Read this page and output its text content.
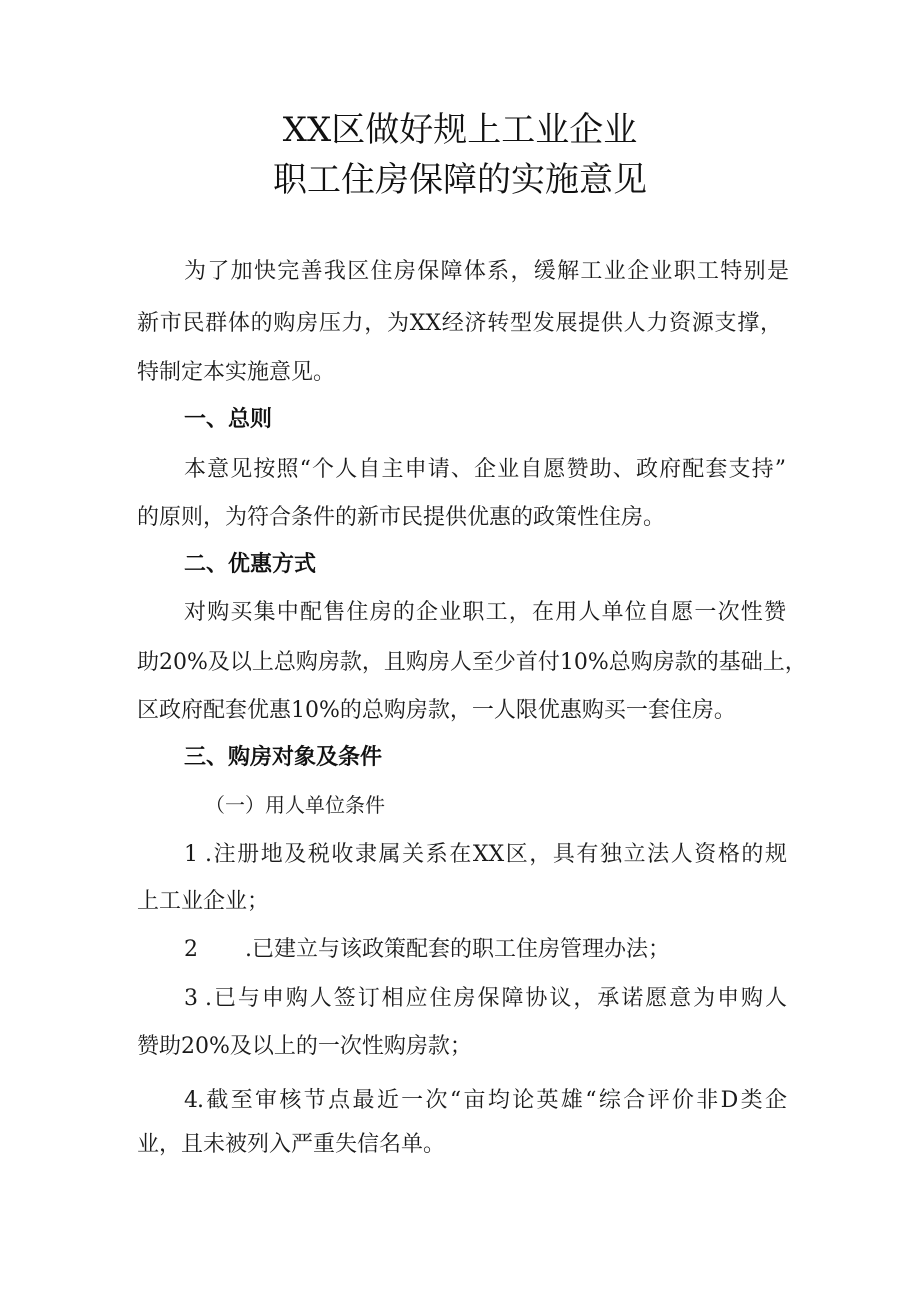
XX区做好规上工业企业
职工住房保障的实施意见
为了加快完善我区住房保障体系，缓解工业企业职工特别是
新市民群体的购房压力，为XX经济转型发展提供人力资源支撑，
特制定本实施意见。
一、总则
本意见按照“个人自主申请、企业自愿赞助、政府配套支持”
的原则，为符合条件的新市民提供优惠的政策性住房。
二、优惠方式
对购买集中配售住房的企业职工，在用人单位自愿一次性赞
助20%及以上总购房款，且购房人至少首付10%总购房款的基础上，
区政府配套优惠10%的总购房款，一人限优惠购买一套住房。
三、购房对象及条件
（一）用人单位条件
1 .注册地及税收隶属关系在XX区，具有独立法人资格的规
上工业企业；
2 .已建立与该政策配套的职工住房管理办法；
3 .已与申购人签订相应住房保障协议，承诺愿意为申购人
赞助20%及以上的一次性购房款；
4 .截至审核节点最近一次“亩均论英雄“综合评价非D类企
业，且未被列入严重失信名单。
